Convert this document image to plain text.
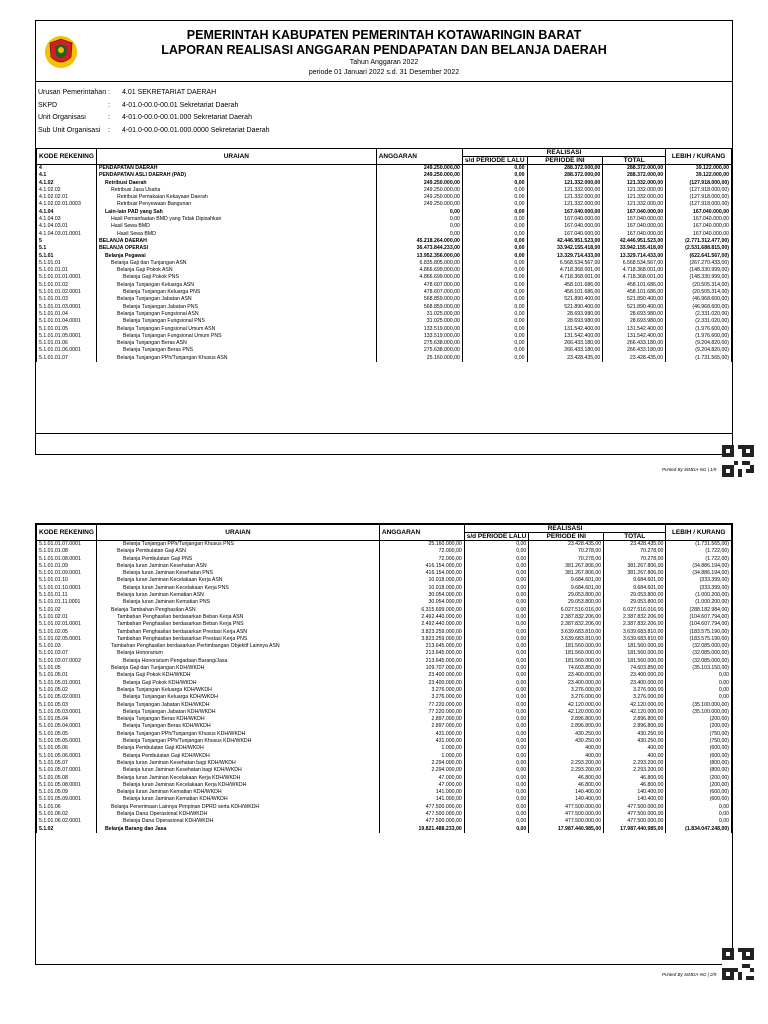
PEMERINTAH KABUPATEN PEMERINTAH KOTAWARINGIN BARAT
LAPORAN REALISASI ANGGARAN PENDAPATAN DAN BELANJA DAERAH
Tahun Anggaran 2022
periode 01 Januari 2022 s.d. 31 Desember 2022
Urusan Pemerintahan : 4.01 SEKRETARIAT DAERAH
SKPD	: 4-01.0-00.0-00.01 Sekretariat Daerah
Unit Organisasi	: 4-01.0-00.0-00.01.000 Sekretariat Daerah
Sub Unit Organisasi : 4-01.0-00.0-00.01.000.0000 Sekretariat Daerah
KODE REKENING	URAIAN	ANGGARAN	REALISASI			LEBIH / KURANG
			s/d PERIODE LALU	PERIODE INI	TOTAL	
4	PENDAPATAN DAERAH	249.250.000,00	0,00	288.372.000,00	288.372.000,00	39.122.000,00
4.1	PENDAPATAN ASLI DAERAH (PAD)	249.250.000,00	0,00	288.372.000,00	288.372.000,00	39.122.000,00
4.1.02	Retribusi Daerah	249.250.000,00	0,00	121.332.000,00	121.332.000,00	(127.918.000,00)
4.1.02.02	Retribusi Jasa Usaha	249.250.000,00	0,00	121.332.000,00	121.332.000,00	(127.918.000,00)
4.1.02.02.01	Retribusi Pemakaian Kekayaan Daerah	249.250.000,00	0,00	121.332.000,00	121.332.000,00	(127.918.000,00)
4.1.02.02.01.0003	Retribusi Penyewaan Bangunan	249.250.000,00	0,00	121.332.000,00	121.332.000,00	(127.918.000,00)
4.1.04	Lain-lain PAD yang Sah	0,00	0,00	167.040.000,00	167.040.000,00	167.040.000,00
4.1.04.03	Hasil Pemanfaatan BMD yang Tidak Dipisahkan	0,00	0,00	167.040.000,00	167.040.000,00	167.040.000,00
4.1.04.03.01	Hasil Sewa BMD	0,00	0,00	167.040.000,00	167.040.000,00	167.040.000,00
4.1.04.03.01.0001	Hasil Sewa BMD	0,00	0,00	167.040.000,00	167.040.000,00	167.040.000,00
5	BELANJA DAERAH	45.218.264.000,00	0,00	42.446.951.523,00	42.446.951.523,00	(2.771.312.477,00)
5.1	BELANJA OPERASI	36.473.844.233,00	0,00	33.942.155.418,00	33.942.155.418,00	(2.531.688.815,00)
5.1.01	Belanja Pegawai	13.952.356.000,00	0,00	13.329.714.433,00	13.329.714.433,00	(622.641.567,00)
5.1.01.01	Belanja Gaji dan Tunjangan ASN	6.835.805.000,00	0,00	6.568.534.567,00	6.568.534.567,00	(267.270.433,00)
5.1.01.01.01	Belanja Gaji Pokok ASN	4.866.699.000,00	0,00	4.718.368.001,00	4.718.368.001,00	(148.330.999,00)
5.1.01.01.01.0001	Belanja Gaji Pokok PNS	4.866.699.000,00	0,00	4.718.368.001,00	4.718.368.001,00	(148.330.999,00)
5.1.01.01.02	Belanja Tunjangan Keluarga ASN	478.607.000,00	0,00	458.101.686,00	458.101.686,00	(20.505.314,00)
5.1.01.01.02.0001	Belanja Tunjangan Keluarga PNS	478.607.000,00	0,00	458.101.686,00	458.101.686,00	(20.505.314,00)
5.1.01.01.03	Belanja Tunjangan Jabatan ASN	568.859.000,00	0,00	521.890.400,00	521.890.400,00	(46.968.600,00)
5.1.01.01.03.0001	Belanja Tunjangan Jabatan PNS	568.859.000,00	0,00	521.890.400,00	521.890.400,00	(46.968.600,00)
5.1.01.01.04	Belanja Tunjangan Fungsional ASN	31.025.000,00	0,00	28.693.980,00	28.693.980,00	(2.331.020,00)
5.1.01.01.04.0001	Belanja Tunjangan Fungsional PNS	31.025.000,00	0,00	28.693.980,00	28.693.980,00	(2.331.020,00)
5.1.01.01.05	Belanja Tunjangan Fungsional Umum ASN	133.519.000,00	0,00	131.542.400,00	131.542.400,00	(1.976.600,00)
5.1.01.01.05.0001	Belanja Tunjangan Fungsional Umum PNS	133.519.000,00	0,00	131.542.400,00	131.542.400,00	(1.976.600,00)
5.1.01.01.06	Belanja Tunjangan Beras ASN	275.638.000,00	0,00	266.433.180,00	266.433.180,00	(9.204.820,00)
5.1.01.01.06.0001	Belanja Tunjangan Beras PNS	275.638.000,00	0,00	266.433.180,00	266.433.180,00	(9.204.820,00)
5.1.01.01.07	Belanja Tunjangan PPh/Tunjangan Khusus ASN	25.160.000,00	0,00	23.428.435,00	23.428.435,00	(1.731.565,00)
Printed By SIMDA-NG | 1/9
KODE REKENING	URAIAN	ANGGARAN	REALISASI			LEBIH / KURANG
			s/d PERIODE LALU	PERIODE INI	TOTAL	
5.1.01.01.07.0001	Belanja Tunjangan PPh/Tunjangan Khusus PNS	25.160.000,00	0,00	23.428.435,00	23.428.435,00	(1.731.565,00)
5.1.01.01.08	Belanja Pembulatan Gaji ASN	72.000,00	0,00	70.278,00	70.278,00	(1.722,00)
5.1.01.01.08.0001	Belanja Pembulatan Gaji PNS	72.000,00	0,00	70.278,00	70.278,00	(1.722,00)
5.1.01.01.09	Belanja Iuran Jaminan Kesehatan ASN	416.154.000,00	0,00	381.267.806,00	381.267.806,00	(34.886.194,00)
5.1.01.01.09.0001	Belanja Iuran Jaminan Kesehatan PNS	416.154.000,00	0,00	381.267.806,00	381.267.806,00	(34.886.194,00)
5.1.01.01.10	Belanja Iuran Jaminan Kecelakaan Kerja ASN	10.018.000,00	0,00	9.684.601,00	9.684.601,00	(333.399,00)
5.1.01.01.10.0001	Belanja Iuran Jaminan Kecelakaan Kerja PNS	10.018.000,00	0,00	9.684.601,00	9.684.601,00	(333.399,00)
5.1.01.01.11	Belanja Iuran Jaminan Kematian ASN	30.054.000,00	0,00	29.053.800,00	29.053.800,00	(1.000.200,00)
5.1.01.01.11.0001	Belanja Iuran Jaminan Kematian PNS	30.054.000,00	0,00	29.053.800,00	29.053.800,00	(1.000.200,00)
5.1.01.02	Belanja Tambahan Penghasilan ASN	6.315.699.000,00	0,00	6.027.516.016,00	6.027.516.016,00	(288.182.984,00)
5.1.01.02.01	Tambahan Penghasilan berdasarkan Beban Kerja ASN	2.492.440.000,00	0,00	2.387.832.206,00	2.387.832.206,00	(104.607.794,00)
5.1.01.02.01.0001	Tambahan Penghasilan berdasarkan Beban Kerja PNS	2.492.440.000,00	0,00	2.387.832.206,00	2.387.832.206,00	(104.607.794,00)
5.1.01.02.05	Tambahan Penghasilan berdasarkan Prestasi Kerja ASN	3.823.259.000,00	0,00	3.639.683.810,00	3.639.683.810,00	(183.575.190,00)
5.1.01.02.05.0001	Tambahan Penghasilan berdasarkan Prestasi Kerja PNS	3.823.259.000,00	0,00	3.639.683.810,00	3.639.683.810,00	(183.575.190,00)
5.1.01.03	Tambahan Penghasilan berdasarkan Pertimbangan Objektif Lainnya ASN	213.645.000,00	0,00	181.560.000,00	181.560.000,00	(32.085.000,00)
5.1.01.03.07	Belanja Honorarium	213.645.000,00	0,00	181.560.000,00	181.560.000,00	(32.085.000,00)
5.1.01.03.07.0002	Belanja Honorarium Pengadaan Barang/Jasa	213.645.000,00	0,00	181.560.000,00	181.560.000,00	(32.085.000,00)
5.1.01.05	Belanja Gaji dan Tunjangan KDH/WKDH	109.707.000,00	0,00	74.603.850,00	74.603.850,00	(35.103.150,00)
5.1.01.05.01	Belanja Gaji Pokok KDH/WKDH	23.400.000,00	0,00	23.400.000,00	23.400.000,00	0,00
5.1.01.05.01.0001	Belanja Gaji Pokok KDH/WKDH	23.400.000,00	0,00	23.400.000,00	23.400.000,00	0,00
5.1.01.05.02	Belanja Tunjangan Keluarga KDH/WKDH	3.276.000,00	0,00	3.276.000,00	3.276.000,00	0,00
5.1.01.05.02.0001	Belanja Tunjangan Keluarga KDH/WKDH	3.276.000,00	0,00	3.276.000,00	3.276.000,00	0,00
5.1.01.05.03	Belanja Tunjangan Jabatan KDH/WKDH	77.220.000,00	0,00	42.120.000,00	42.120.000,00	(35.100.000,00)
5.1.01.05.03.0001	Belanja Tunjangan Jabatan KDH/WKDH	77.220.000,00	0,00	42.120.000,00	42.120.000,00	(35.100.000,00)
5.1.01.05.04	Belanja Tunjangan Beras KDH/WKDH	2.897.000,00	0,00	2.896.800,00	2.896.800,00	(200,00)
5.1.01.05.04.0001	Belanja Tunjangan Beras KDH/WKDH	2.897.000,00	0,00	2.896.800,00	2.896.800,00	(200,00)
5.1.01.05.05	Belanja Tunjangan PPh/Tunjangan Khusus KDH/WKDH	431.000,00	0,00	430.250,00	430.250,00	(750,00)
5.1.01.05.05.0001	Belanja Tunjangan PPh/Tunjangan Khusus KDH/WKDH	431.000,00	0,00	430.250,00	430.250,00	(750,00)
5.1.01.05.06	Belanja Pembulatan Gaji KDH/WKDH	1.000,00	0,00	400,00	400,00	(600,00)
5.1.01.05.06.0001	Belanja Pembulatan Gaji KDH/WKDH	1.000,00	0,00	400,00	400,00	(600,00)
5.1.01.05.07	Belanja Iuran Jaminan Kesehatan bagi KDH/WKDH	2.294.000,00	0,00	2.293.200,00	2.293.200,00	(800,00)
5.1.01.05.07.0001	Belanja Iuran Jaminan Kesehatan bagi KDH/WKDH	2.294.000,00	0,00	2.293.200,00	2.293.200,00	(800,00)
5.1.01.05.08	Belanja Iuran Jaminan Kecelakaan Kerja KDH/WKDH	47.000,00	0,00	46.800,00	46.800,00	(200,00)
5.1.01.05.08.0001	Belanja Iuran Jaminan Kecelakaan Kerja KDH/WKDH	47.000,00	0,00	46.800,00	46.800,00	(200,00)
5.1.01.05.09	Belanja Iuran Jaminan Kematian KDH/WKDH	141.000,00	0,00	140.400,00	140.400,00	(600,00)
5.1.01.05.09.0001	Belanja Iuran Jaminan Kematian KDH/WKDH	141.000,00	0,00	140.400,00	140.400,00	(600,00)
5.1.01.06	Belanja Penerimaan Lainnya Pimpinan DPRD serta KDH/WKDH	477.500.000,00	0,00	477.500.000,00	477.500.000,00	0,00
5.1.01.06.02	Belanja Dana Operasional KDH/WKDH	477.500.000,00	0,00	477.500.000,00	477.500.000,00	0,00
5.1.01.06.02.0001	Belanja Dana Operasional KDH/WKDH	477.500.000,00	0,00	477.500.000,00	477.500.000,00	0,00
5.1.02	Belanja Barang dan Jasa	19.821.488.233,00	0,00	17.987.440.985,00	17.987.440.985,00	(1.834.047.248,00)
Printed By SIMDA-NG | 2/9
